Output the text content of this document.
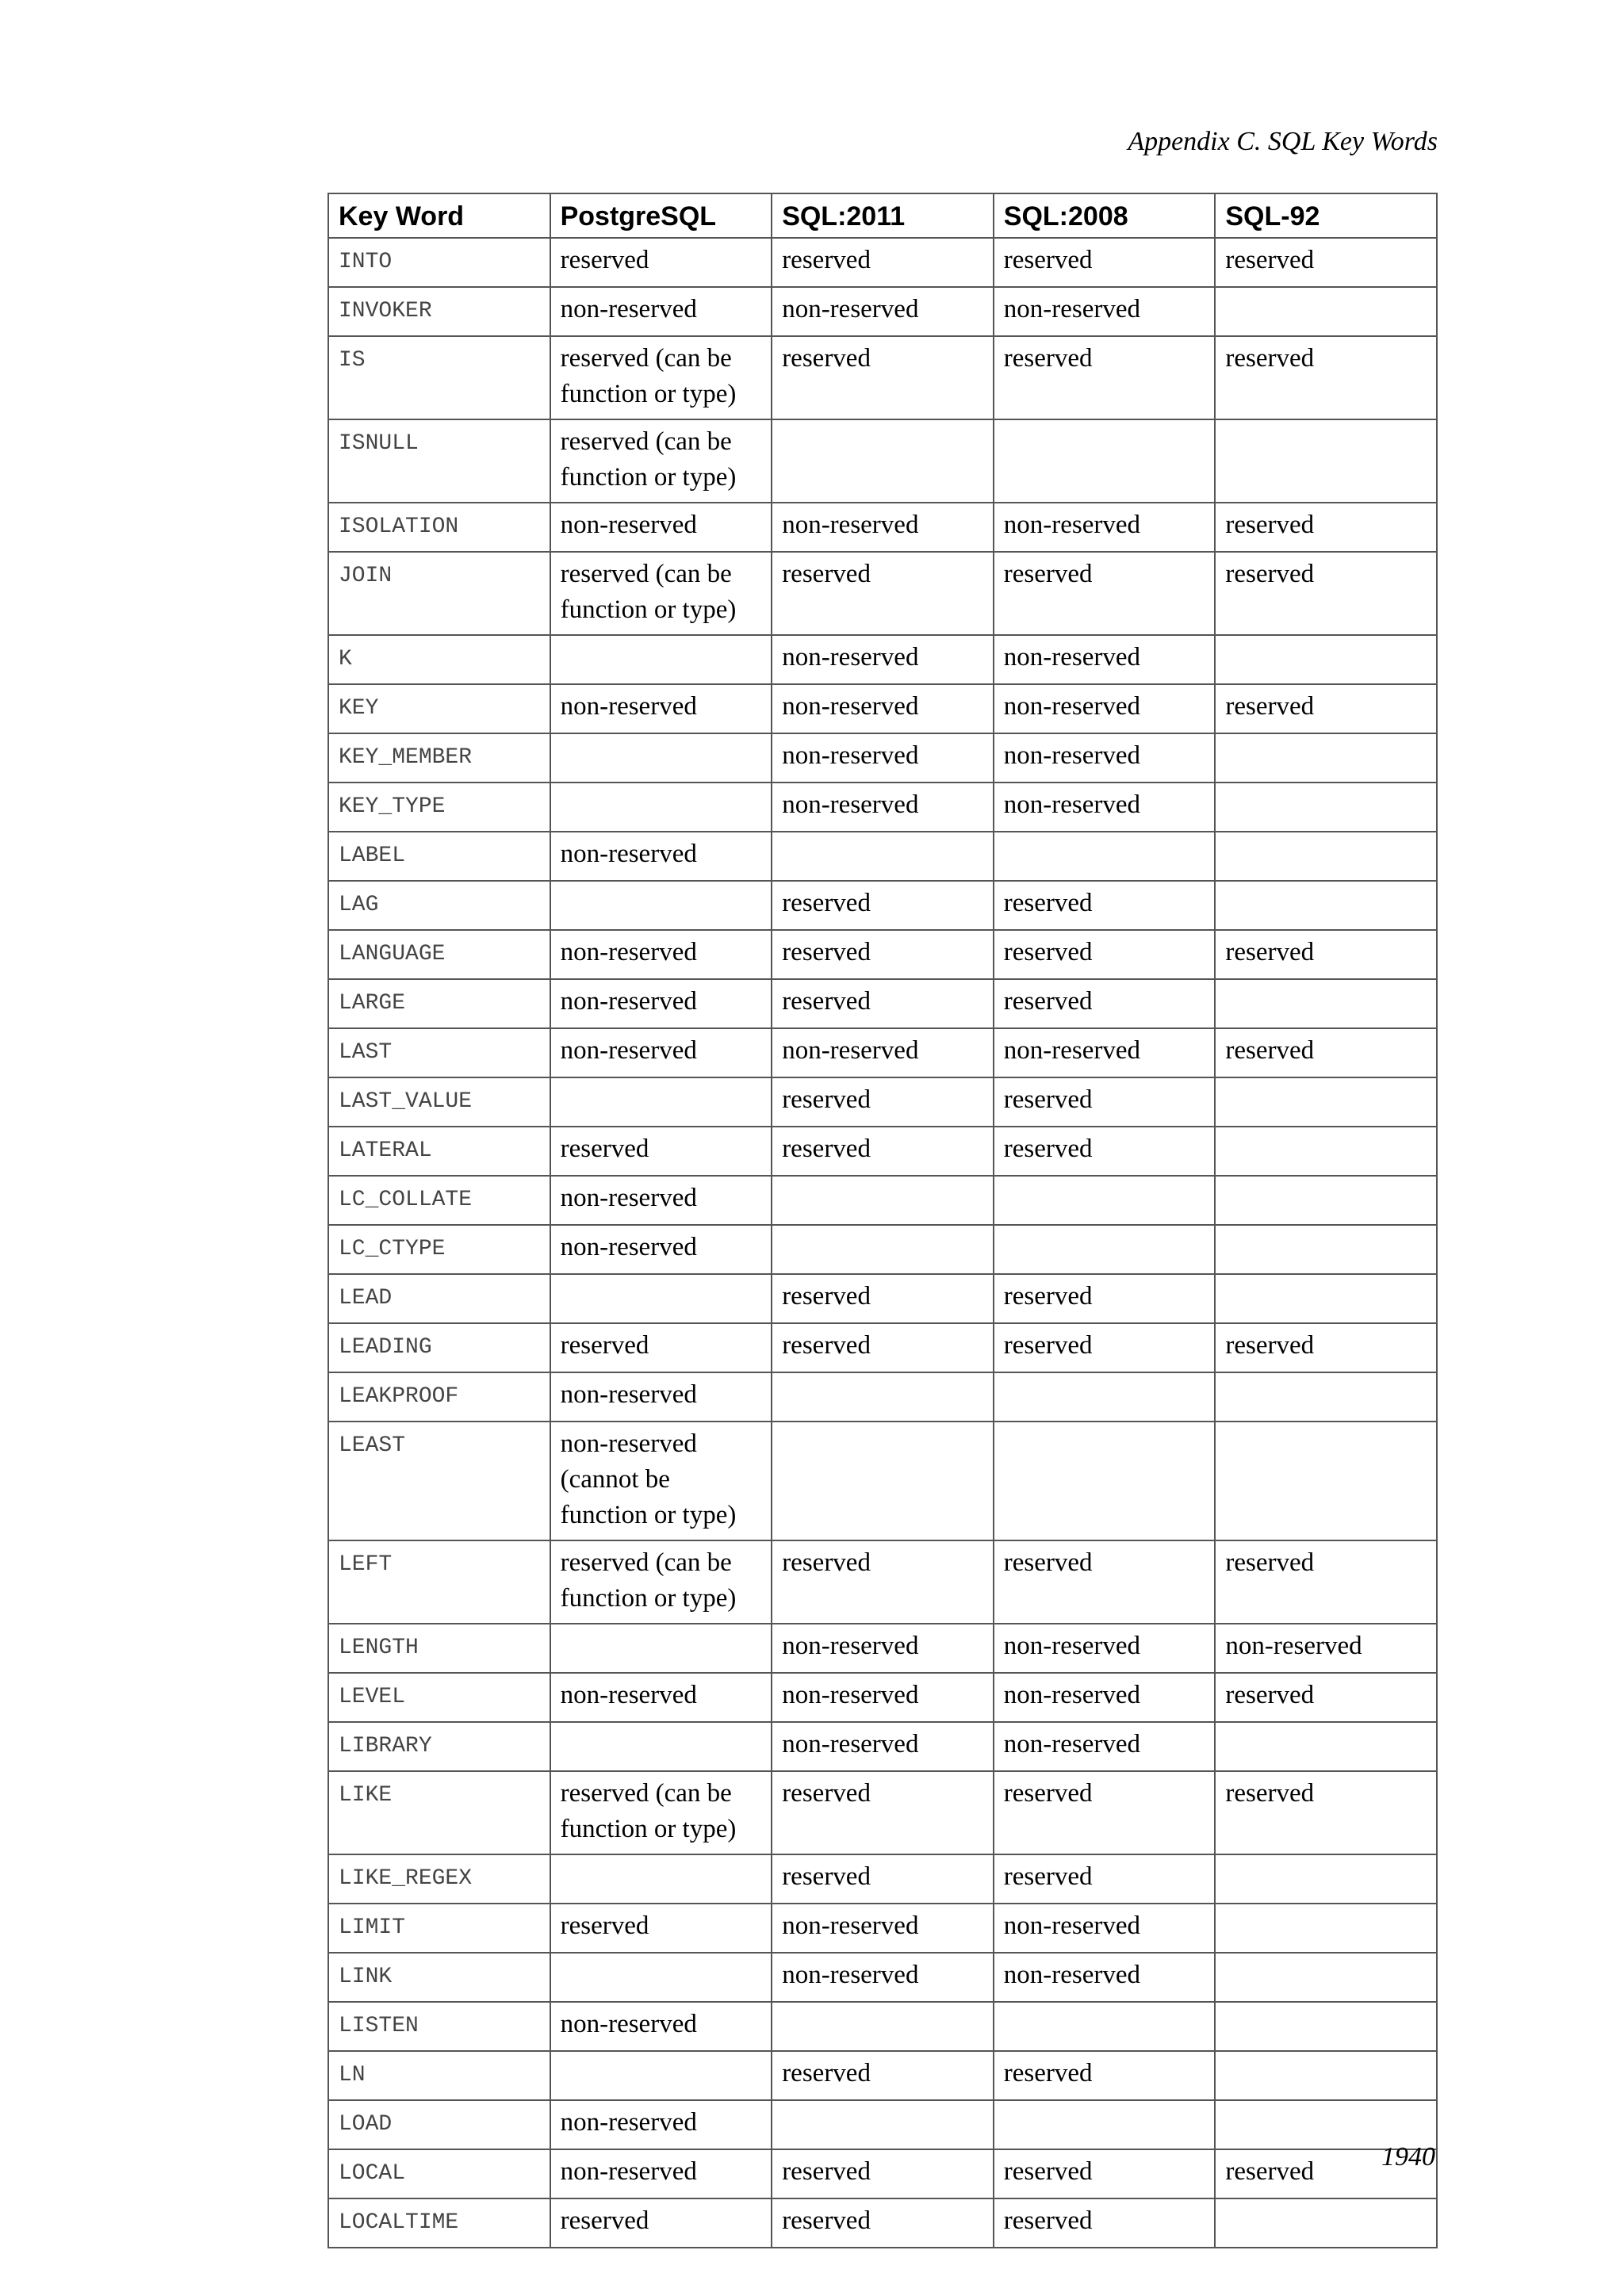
Appendix C. SQL Key Words
Key Word	PostgreSQL	SQL:2011	SQL:2008	SQL-92
INTO	reserved	reserved	reserved	reserved
INVOKER	non-reserved	non-reserved	non-reserved	
IS	reserved (can be function or type)	reserved	reserved	reserved
ISNULL	reserved (can be function or type)			
ISOLATION	non-reserved	non-reserved	non-reserved	reserved
JOIN	reserved (can be function or type)	reserved	reserved	reserved
K		non-reserved	non-reserved	
KEY	non-reserved	non-reserved	non-reserved	reserved
KEY_MEMBER		non-reserved	non-reserved	
KEY_TYPE		non-reserved	non-reserved	
LABEL	non-reserved			
LAG		reserved	reserved	
LANGUAGE	non-reserved	reserved	reserved	reserved
LARGE	non-reserved	reserved	reserved	
LAST	non-reserved	non-reserved	non-reserved	reserved
LAST_VALUE		reserved	reserved	
LATERAL	reserved	reserved	reserved	
LC_COLLATE	non-reserved			
LC_CTYPE	non-reserved			
LEAD		reserved	reserved	
LEADING	reserved	reserved	reserved	reserved
LEAKPROOF	non-reserved			
LEAST	non-reserved (cannot be function or type)			
LEFT	reserved (can be function or type)	reserved	reserved	reserved
LENGTH		non-reserved	non-reserved	non-reserved
LEVEL	non-reserved	non-reserved	non-reserved	reserved
LIBRARY		non-reserved	non-reserved	
LIKE	reserved (can be function or type)	reserved	reserved	reserved
LIKE_REGEX		reserved	reserved	
LIMIT	reserved	non-reserved	non-reserved	
LINK		non-reserved	non-reserved	
LISTEN	non-reserved			
LN		reserved	reserved	
LOAD	non-reserved			
LOCAL	non-reserved	reserved	reserved	reserved
LOCALTIME	reserved	reserved	reserved	
1940
